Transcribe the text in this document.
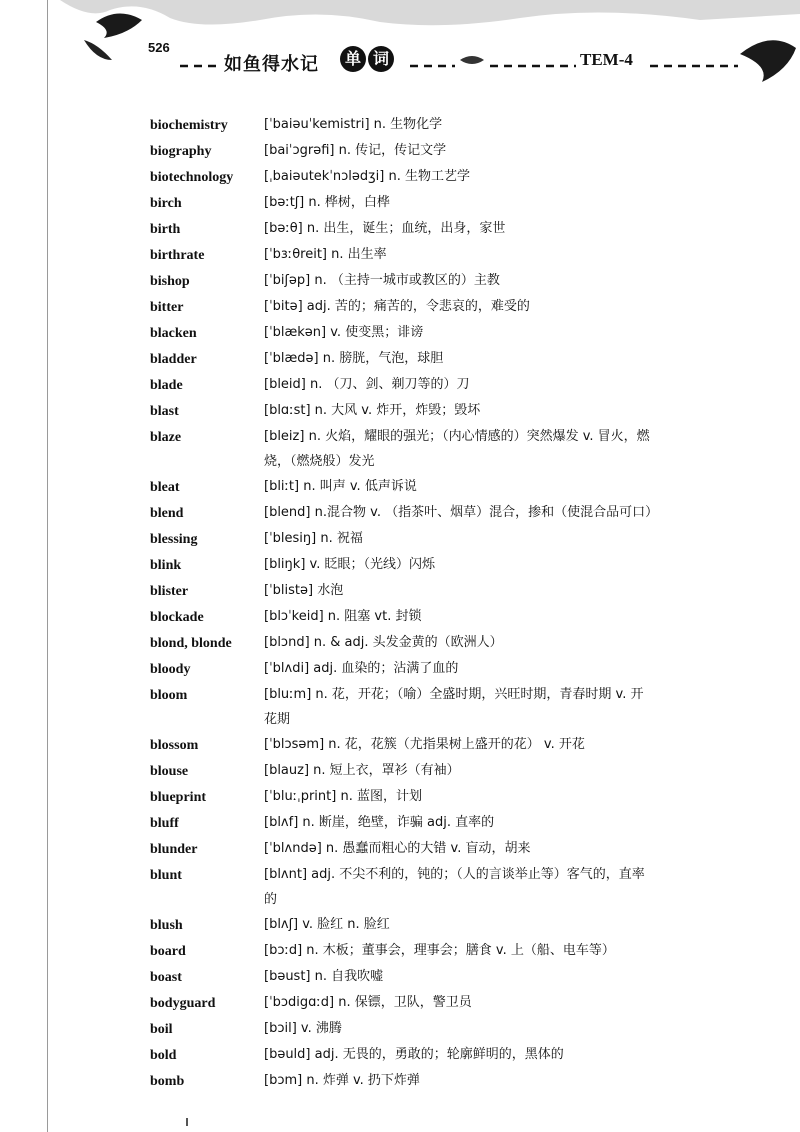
526
如鱼得水记	单 词	TEM-4
biochemistry	[ˈbaiəuˈkemistri] n. 生物化学
biography	[baiˈɔgrəfi] n. 传记，传记文学
biotechnology	[ˌbaiəutekˈnɔlədʒi] n. 生物工艺学
birch	[bəːtʃ] n. 桦树，白桦
birth	[bəːθ] n. 出生，诞生；血统，出身，家世
birthrate	[ˈbɜːθreit] n. 出生率
bishop	[ˈbiʃəp] n. （主持一城市或教区的）主教
bitter	[ˈbitə] adj. 苦的；痛苦的，令悲哀的，难受的
blacken	[ˈblækən] v. 使变黑；诽谤
bladder	[ˈblædə] n. 膀胱，气泡，球胆
blade	[bleid] n. （刀、剑、剃刀等的）刀
blast	[blɑːst] n. 大风 v. 炸开，炸毁；毁坏
blaze	[bleiz] n. 火焰，耀眼的强光；（内心情感的）突然爆发 v. 冒火，燃
烧，（燃烧般）发光
bleat	[bliːt] n. 叫声 v. 低声诉说
blend	[blend] n.混合物 v. （指茶叶、烟草）混合，掺和（使混合品可口）
blessing	[ˈblesiŋ] n. 祝福
blink	[bliŋk] v. 眨眼；（光线）闪烁
blister	[ˈblistə] 水泡
blockade	[blɔˈkeid] n. 阻塞 vt. 封锁
blond, blonde	[blɔnd] n. & adj. 头发金黄的（欧洲人）
bloody	[ˈblʌdi] adj. 血染的；沾满了血的
bloom	[bluːm] n. 花，开花；（喻）全盛时期，兴旺时期，青春时期 v. 开
花期
blossom	[ˈblɔsəm] n. 花，花簇（尤指果树上盛开的花） v. 开花
blouse	[blauz] n. 短上衣，罩衫（有袖）
blueprint	[ˈbluːˌprint] n. 蓝图，计划
bluff	[blʌf] n. 断崖，绝壁，诈骗 adj. 直率的
blunder	[ˈblʌndə] n. 愚蠢而粗心的大错 v. 盲动，胡来
blunt	[blʌnt] adj. 不尖不利的，钝的；（人的言谈举止等）客气的，直率
的
blush	[blʌʃ] v. 脸红 n. 脸红
board	[bɔːd] n. 木板；董事会，理事会；膳食 v. 上（船、电车等）
boast	[bəust] n. 自我吹嘘
bodyguard	[ˈbɔdigɑːd] n. 保镖，卫队，警卫员
boil	[bɔil] v. 沸腾
bold	[bəuld] adj. 无畏的，勇敢的；轮廓鲜明的，黑体的
bomb	[bɔm] n. 炸弹 v. 扔下炸弹
